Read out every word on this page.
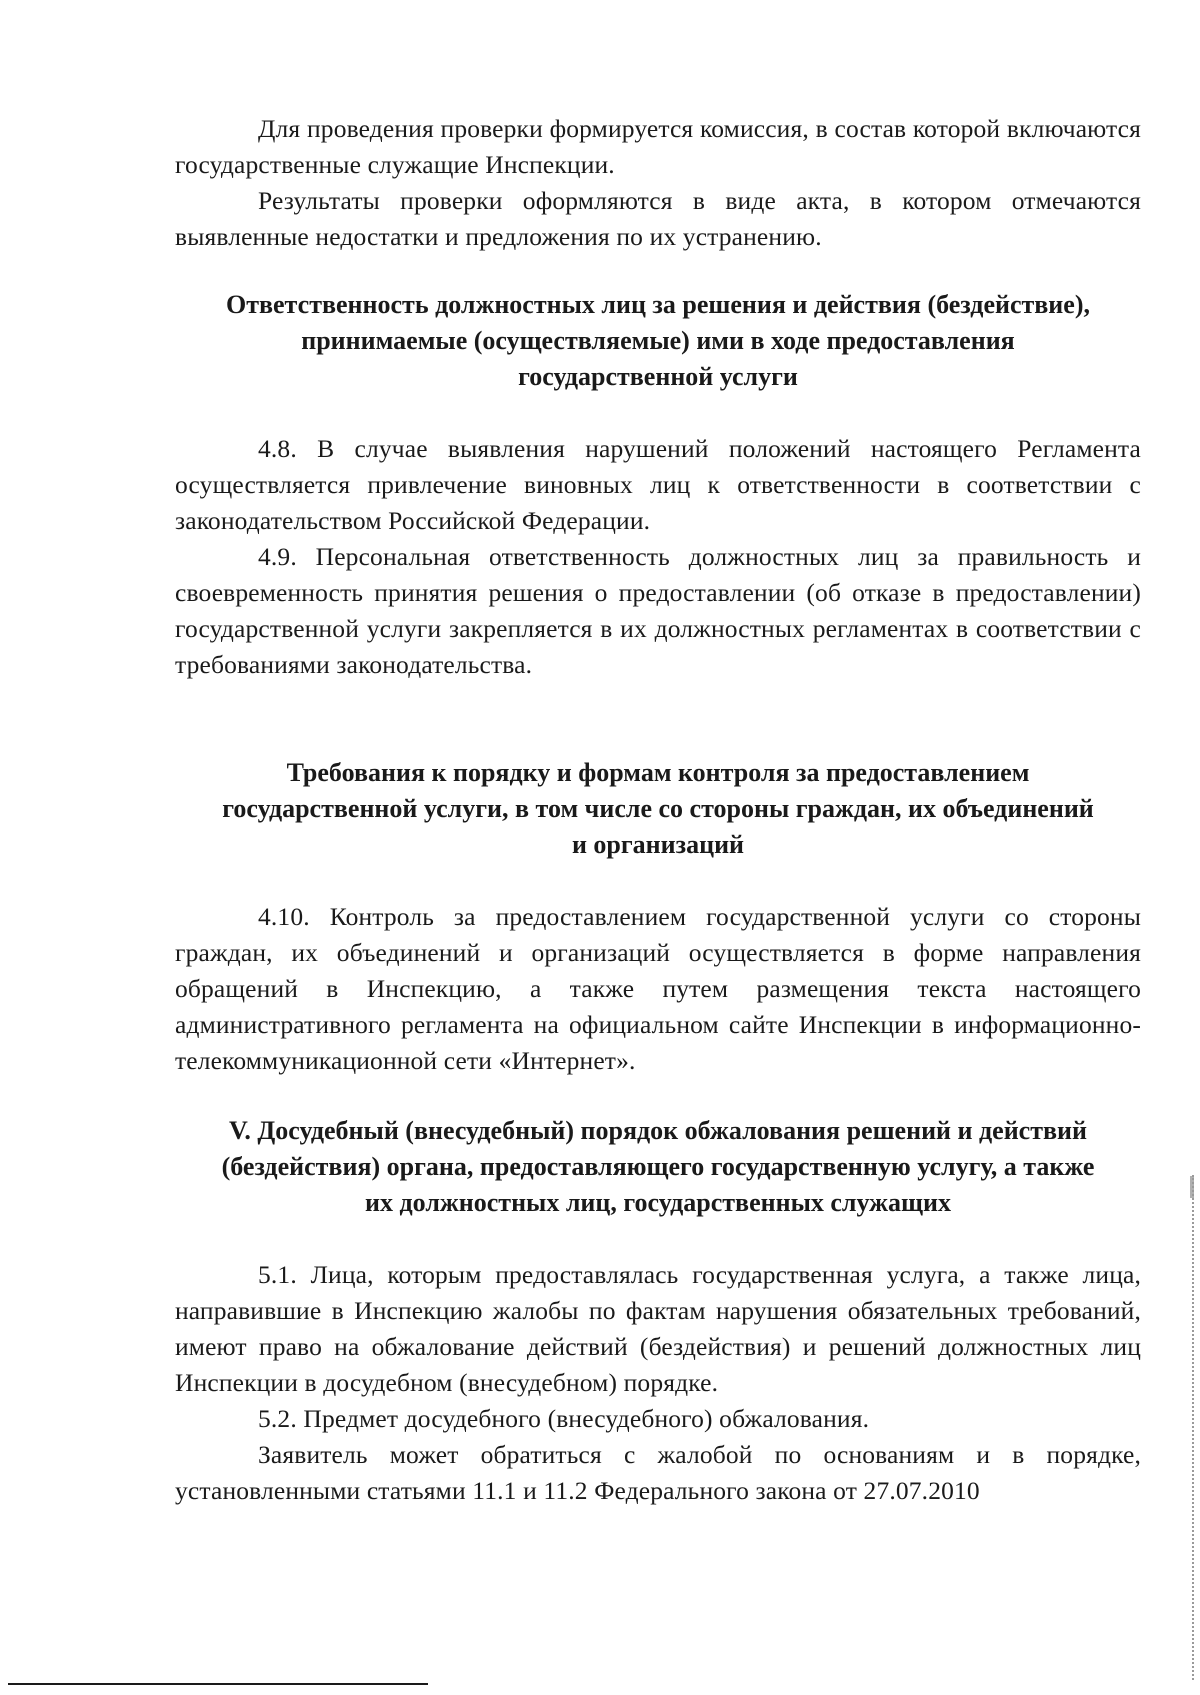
Для проведения проверки формируется комиссия, в состав которой включаются государственные служащие Инспекции.

Результаты проверки оформляются в виде акта, в котором отмечаются выявленные недостатки и предложения по их устранению.

Ответственность должностных лиц за решения и действия (бездействие),
принимаемые (осуществляемые) ими в ходе предоставления
государственной услуги

4.8. В случае выявления нарушений положений настоящего Регламента осуществляется привлечение виновных лиц к ответственности в соответствии с законодательством Российской Федерации.

4.9. Персональная ответственность должностных лиц за правильность и своевременность принятия решения о предоставлении (об отказе в предоставлении) государственной услуги закрепляется в их должностных регламентах в соответствии с требованиями законодательства.

Требования к порядку и формам контроля за предоставлением
государственной услуги, в том числе со стороны граждан, их объединений
и организаций

4.10. Контроль за предоставлением государственной услуги со стороны граждан, их объединений и организаций осуществляется в форме направления обращений в Инспекцию, а также путем размещения текста настоящего административного регламента на официальном сайте Инспекции в информационно-телекоммуникационной сети «Интернет».

V. Досудебный (внесудебный) порядок обжалования решений и действий
(бездействия) органа, предоставляющего государственную услугу, а также
их должностных лиц, государственных служащих

5.1. Лица, которым предоставлялась государственная услуга, а также лица, направившие в Инспекцию жалобы по фактам нарушения обязательных требований, имеют право на обжалование действий (бездействия) и решений должностных лиц Инспекции в досудебном (внесудебном) порядке.

5.2. Предмет досудебного (внесудебного) обжалования.

Заявитель может обратиться с жалобой по основаниям и в порядке, установленными статьями 11.1 и 11.2 Федерального закона от 27.07.2010
